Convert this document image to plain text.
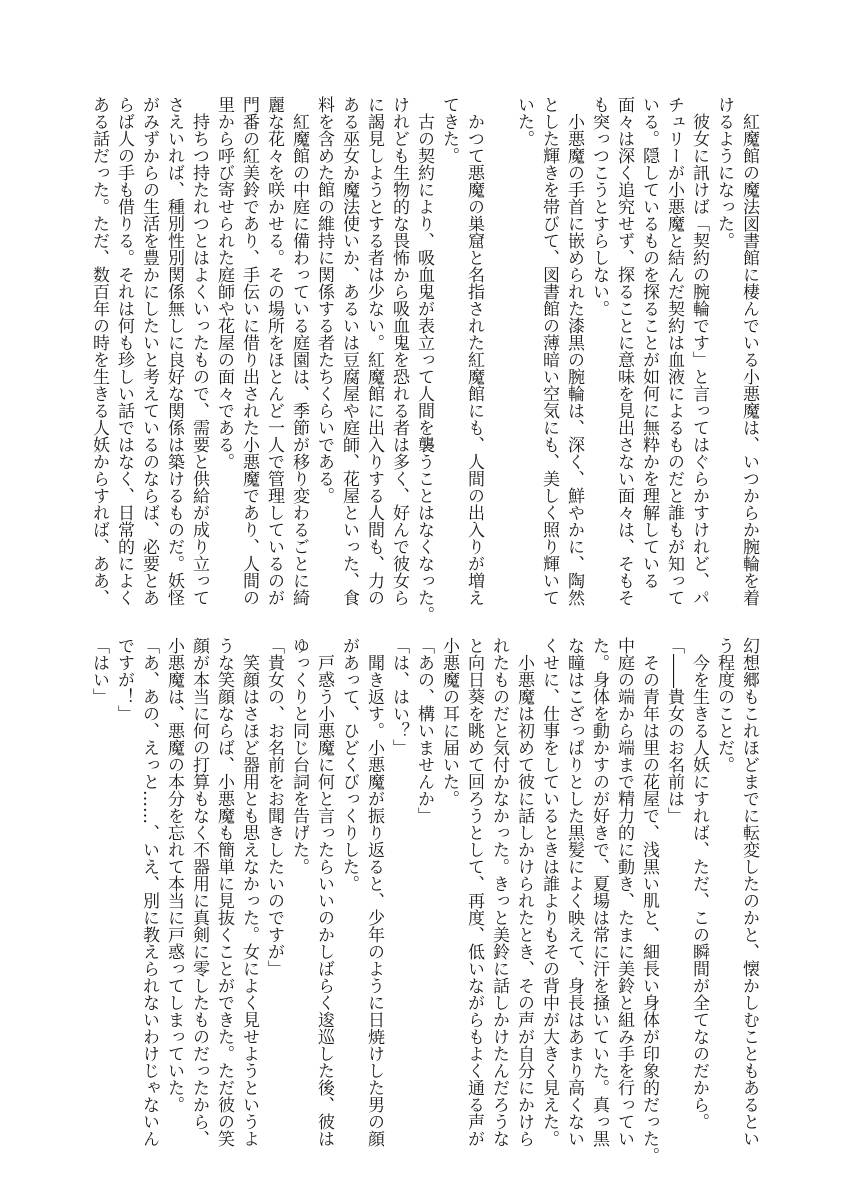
　紅魔館の魔法図書館に棲んでいる小悪魔は、いつからか腕輪を着

けるようになった。

　彼女に訊けば「契約の腕輪です」と言ってはぐらかすけれど、パ

チュリーが小悪魔と結んだ契約は血液によるものだと誰もが知って

いる。隠しているものを探ることが如何に無粋かを理解している

面々は深く追究せず、探ることに意味を見出さない面々は、そもそ

も突っつこうとすらしない。

　小悪魔の手首に嵌められた漆黒の腕輪は、深く、鮮やかに、陶然

とした輝きを帯びて、図書館の薄暗い空気にも、美しく照り輝いて

いた。

　かつて悪魔の巣窟と名指された紅魔館にも、人間の出入りが増え

てきた。

　古の契約により、吸血鬼が表立って人間を襲うことはなくなった。

けれども生物的な畏怖から吸血鬼を恐れる者は多く、好んで彼女ら

に謁見しようとする者は少ない。紅魔館に出入りする人間も、力の

ある巫女か魔法使いか、あるいは豆腐屋や庭師、花屋といった、食

料を含めた館の維持に関係する者たちくらいである。

　紅魔館の中庭に備わっている庭園は、季節が移り変わるごとに綺

麗な花々を咲かせる。その場所をほとんど一人で管理しているのが

門番の紅美鈴であり、手伝いに借り出された小悪魔であり、人間の

里から呼び寄せられた庭師や花屋の面々である。

　持ちつ持たれつとはよくいったもので、需要と供給が成り立って

さえいれば、種別性別関係無しに良好な関係は築けるものだ。妖怪

がみずからの生活を豊かにしたいと考えているのならば、必要とあ

らば人の手も借りる。それは何も珍しい話ではなく、日常的によく

ある話だった。ただ、数百年の時を生きる人妖からすれば、ああ、

幻想郷もこれほどまでに転変したのかと、懐かしむこともあるとい

う程度のことだ。

　今を生きる人妖にすれば、ただ、この瞬間が全てなのだから。

「――貴女のお名前は」

　その青年は里の花屋で、浅黒い肌と、細長い身体が印象的だった。

中庭の端から端まで精力的に動き、たまに美鈴と組み手を行ってい

た。身体を動かすのが好きで、夏場は常に汗を掻いていた。真っ黒

な瞳はこざっぱりとした黒髪によく映えて、身長はあまり高くない

くせに、仕事をしているときは誰よりもその背中が大きく見えた。

　小悪魔は初めて彼に話しかけられたとき、その声が自分にかけら

れたものだと気付かなかった。きっと美鈴に話しかけたんだろうな

と向日葵を眺めて回ろうとして、再度、低いながらもよく通る声が

小悪魔の耳に届いた。

「あの、構いませんか」

「は、はい？」

　聞き返す。小悪魔が振り返ると、少年のように日焼けした男の顔

があって、ひどくびっくりした。

　戸惑う小悪魔に何と言ったらいいのかしばらく逡巡した後、彼は

ゆっくりと同じ台詞を告げた。

「貴女の、お名前をお聞きしたいのですが」

　笑顔はさほど器用とも思えなかった。女によく見せようというよ

うな笑顔ならば、小悪魔も簡単に見抜くことができた。ただ彼の笑

顔が本当に何の打算もなく不器用に真剣に零したものだったから、

小悪魔は、悪魔の本分を忘れて本当に戸惑ってしまっていた。

「あ、あの、えっと……、いえ、別に教えられないわけじゃないん

ですが！」

「はい」
